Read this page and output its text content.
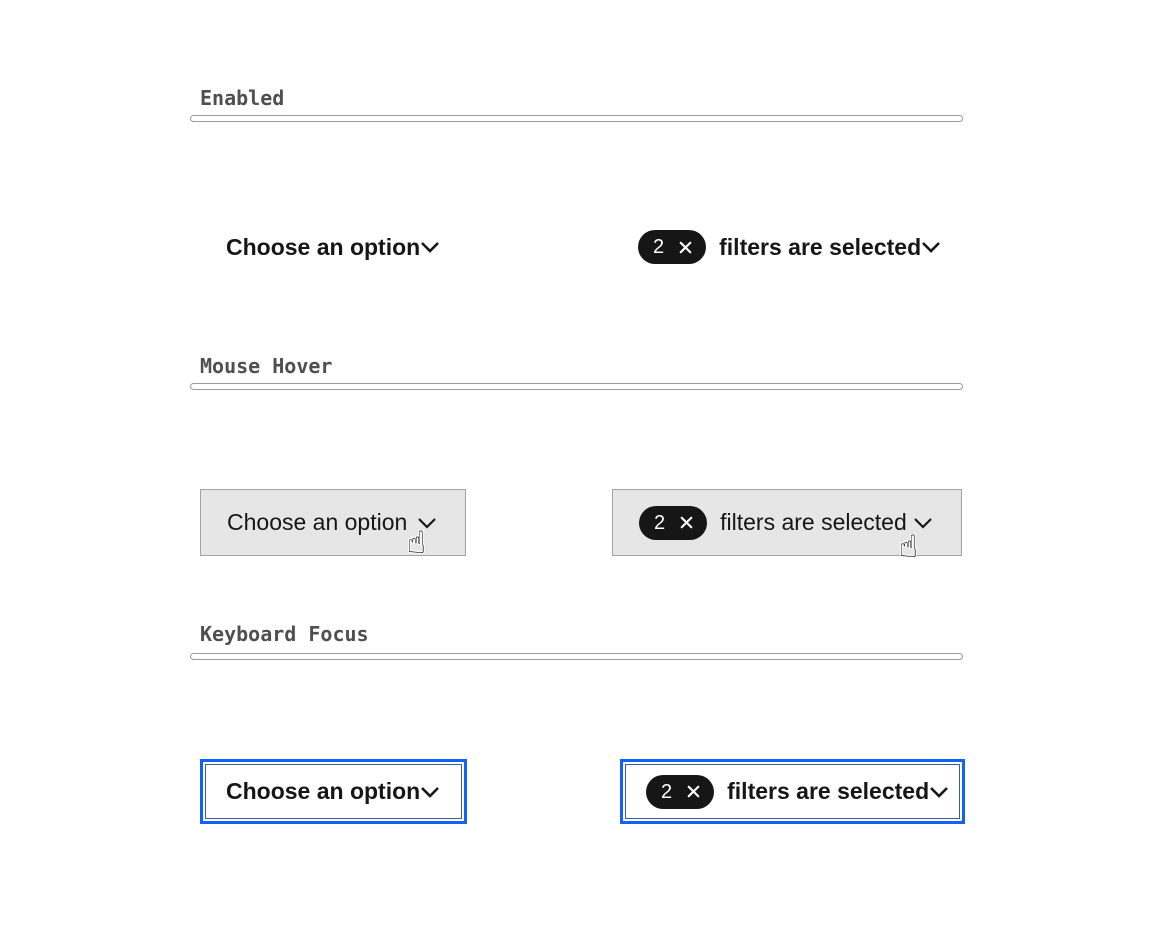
Enabled
Choose an option	2 filters are selected
Mouse Hover
Choose an option	2 filters are selected
☝	☝
Keyboard Focus
Choose an option	2 filters are selected
